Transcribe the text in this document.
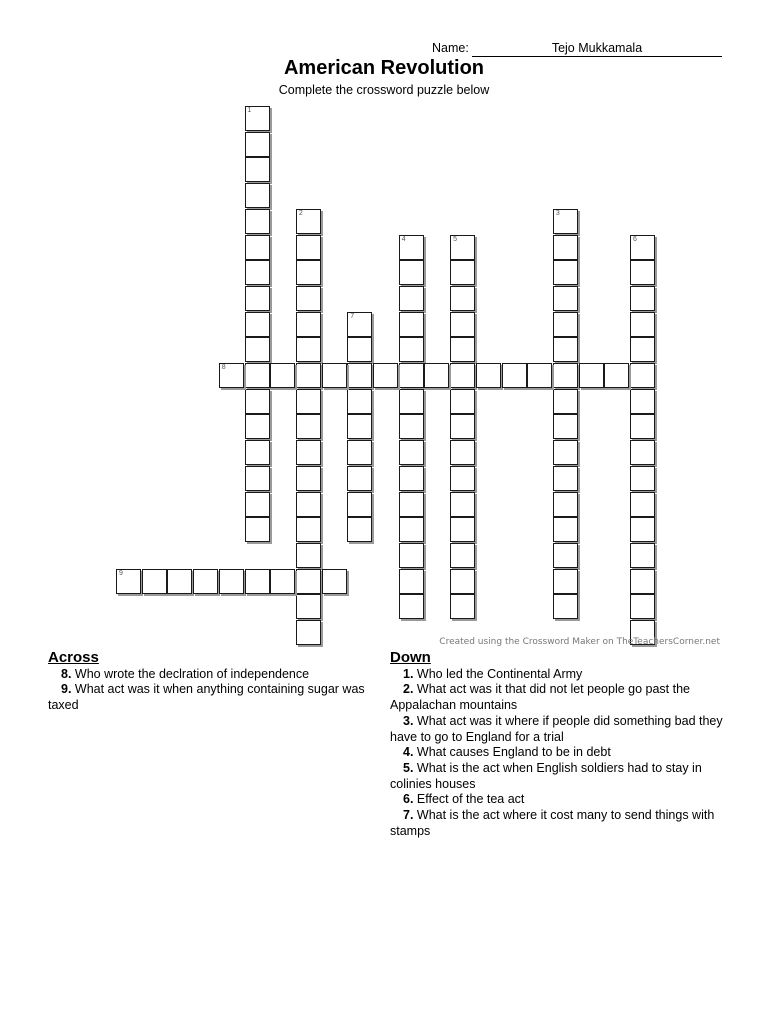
Name:	Tejo Mukkamala
American Revolution
Complete the crossword puzzle below
1
2	3
4	5	6
7
8
9
Created using the Crossword Maker on TheTeachersCorner.net
Across
8. Who wrote the declration of independence
9. What act was it when anything containing sugar was taxed
Down
1. Who led the Continental Army
2. What act was it that did not let people go past the Appalachan mountains
3. What act was it where if people did something bad they have to go to England for a trial
4. What causes England to be in debt
5. What is the act when English soldiers had to stay in colinies houses
6. Effect of the tea act
7. What is the act where it cost many to send things with stamps
